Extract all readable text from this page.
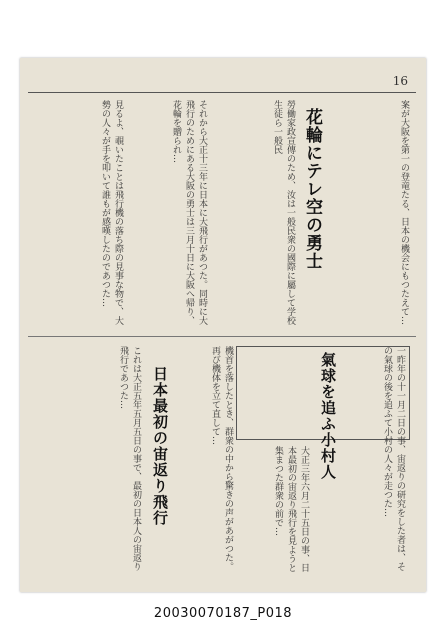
16
案が大阪を第一の登竜たる、日本の機会にもつたえて…
花輪にテレ空の勇士
勞働家政宣傳のため、汝は一般民衆の國際に屬して学校生徒ら一般民
それから大正十三年に日本に大飛行があつた。同時に大飛行のためにある大阪の勇士は三月十日に大阪へ帰り、花輪を贈られ…
見るよ、覗いたことは飛行機の落ち際の見事な物で、大勢の人々が手を叩いて誰もが感嘆したのであつた…
氣球を追ふ小村人	一昨年の十一月二日の事、宙返りの研究をした者は、その氣球の後を追ふて小村の人々が走つた…
大正三年六月二十五日の事、日本最初の宙返り飛行を見ようと集まつた群衆の前で…
機首を落したとき、群衆の中から驚きの声があがつた。再び機体を立て直して…
日本最初の宙返り飛行
これは大正五年五月五日の事で、最初の日本人の宙返り飛行であつた…
20030070187_P018
